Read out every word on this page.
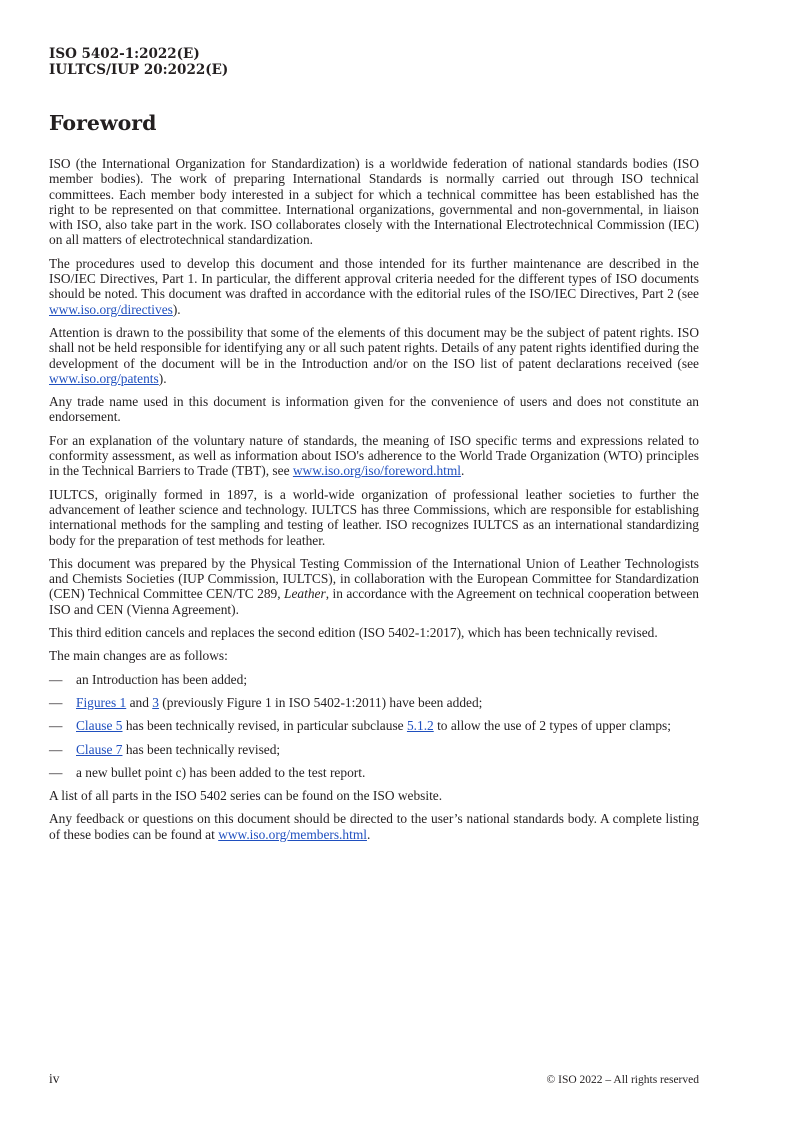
ISO 5402-1:2022(E)
IULTCS/IUP 20:2022(E)
Foreword

ISO (the International Organization for Standardization) is a worldwide federation of national standards bodies (ISO member bodies). The work of preparing International Standards is normally carried out through ISO technical committees. Each member body interested in a subject for which a technical committee has been established has the right to be represented on that committee. International organizations, governmental and non-governmental, in liaison with ISO, also take part in the work. ISO collaborates closely with the International Electrotechnical Commission (IEC) on all matters of electrotechnical standardization.

The procedures used to develop this document and those intended for its further maintenance are described in the ISO/IEC Directives, Part 1. In particular, the different approval criteria needed for the different types of ISO documents should be noted. This document was drafted in accordance with the editorial rules of the ISO/IEC Directives, Part 2 (see www.iso.org/directives).

Attention is drawn to the possibility that some of the elements of this document may be the subject of patent rights. ISO shall not be held responsible for identifying any or all such patent rights. Details of any patent rights identified during the development of the document will be in the Introduction and/or on the ISO list of patent declarations received (see www.iso.org/patents).

Any trade name used in this document is information given for the convenience of users and does not constitute an endorsement.

For an explanation of the voluntary nature of standards, the meaning of ISO specific terms and expressions related to conformity assessment, as well as information about ISO's adherence to the World Trade Organization (WTO) principles in the Technical Barriers to Trade (TBT), see www.iso.org/iso/foreword.html.

IULTCS, originally formed in 1897, is a world-wide organization of professional leather societies to further the advancement of leather science and technology. IULTCS has three Commissions, which are responsible for establishing international methods for the sampling and testing of leather. ISO recognizes IULTCS as an international standardizing body for the preparation of test methods for leather.

This document was prepared by the Physical Testing Commission of the International Union of Leather Technologists and Chemists Societies (IUP Commission, IULTCS), in collaboration with the European Committee for Standardization (CEN) Technical Committee CEN/TC 289, Leather, in accordance with the Agreement on technical cooperation between ISO and CEN (Vienna Agreement).

This third edition cancels and replaces the second edition (ISO 5402-1:2017), which has been technically revised.

The main changes are as follows:

—	an Introduction has been added;
—	Figures 1 and 3 (previously Figure 1 in ISO 5402-1:2011) have been added;
—	Clause 5 has been technically revised, in particular subclause 5.1.2 to allow the use of 2 types of upper clamps;
—	Clause 7 has been technically revised;
—	a new bullet point c) has been added to the test report.

A list of all parts in the ISO 5402 series can be found on the ISO website.

Any feedback or questions on this document should be directed to the user’s national standards body. A complete listing of these bodies can be found at www.iso.org/members.html.

iv	© ISO 2022 – All rights reserved
